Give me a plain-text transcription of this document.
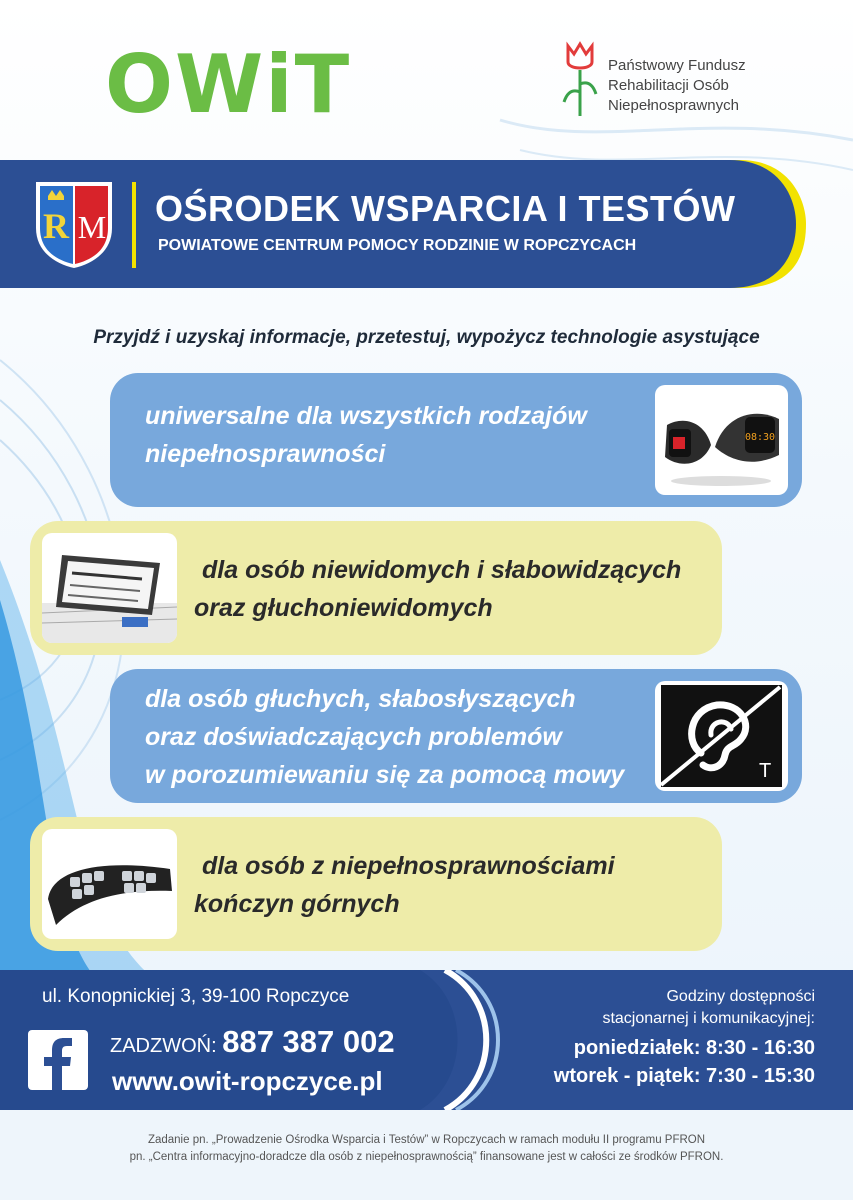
OWiT	Państwowy Fundusz
Rehabilitacji Osób
Niepełnosprawnych
R M OŚRODEK WSPARCIA I TESTÓW
POWIATOWE CENTRUM POMOCY RODZINIE W ROPCZYCACH
Przyjdź i uzyskaj informacje, przetestuj, wypożycz technologie asystujące
uniwersalne dla wszystkich rodzajów
niepełnosprawności
08:30
dla osób niewidomych i słabowidzących
oraz głuchoniewidomych
dla osób głuchych, słabosłyszących
oraz doświadczających problemów
w porozumiewaniu się za pomocą mowy	T
dla osób z niepełnosprawnościami
kończyn górnych
ul. Konopnickiej 3, 39-100 Ropczyce
ZADZWOŃ: 887 387 002
www.owit-ropczyce.pl
Godziny dostępności
stacjonarnej i komunikacyjnej:
poniedziałek: 8:30 - 16:30
wtorek - piątek: 7:30 - 15:30
Zadanie pn. „Prowadzenie Ośrodka Wsparcia i Testów” w Ropczycach w ramach modułu II programu PFRON
pn. „Centra informacyjno-doradcze dla osób z niepełnosprawnością” finansowane jest w całości ze środków PFRON.
